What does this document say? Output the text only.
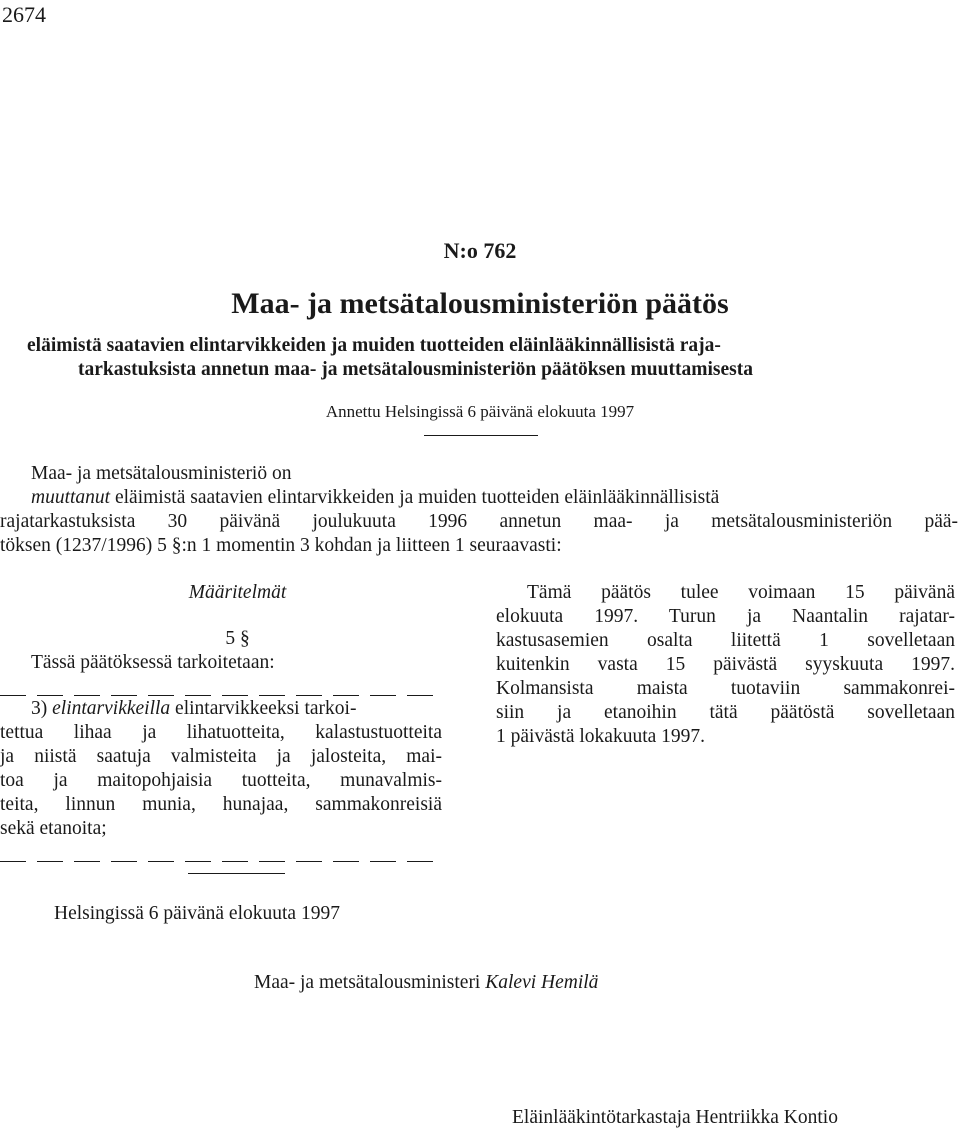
2674
N:o 762
Maa- ja metsätalousministeriön päätös
eläimistä saatavien elintarvikkeiden ja muiden tuotteiden eläinlääkinnällisistä raja-
tarkastuksista annetun maa- ja metsätalousministeriön päätöksen muuttamisesta
Annettu Helsingissä 6 päivänä elokuuta 1997
Maa- ja metsätalousministeriö on
muuttanut eläimistä saatavien elintarvikkeiden ja muiden tuotteiden eläinlääkinnällisistä
rajatarkastuksista 30 päivänä joulukuuta 1996 annetun maa- ja metsätalousministeriön pää-
töksen (1237/1996) 5 §:n 1 momentin 3 kohdan ja liitteen 1 seuraavasti:
Määritelmät
5 §
Tässä päätöksessä tarkoitetaan:
3) elintarvikkeilla elintarvikkeeksi tarkoi-
tettua lihaa ja lihatuotteita, kalastustuotteita
ja niistä saatuja valmisteita ja jalosteita, mai-
toa ja maitopohjaisia tuotteita, munavalmis-
teita, linnun munia, hunajaa, sammakonreisiä
sekä etanoita;
Tämä päätös tulee voimaan 15 päivänä
elokuuta 1997. Turun ja Naantalin rajatar-
kastusasemien osalta liitettä 1 sovelletaan
kuitenkin vasta 15 päivästä syyskuuta 1997.
Kolmansista maista tuotaviin sammakonrei-
siin ja etanoihin tätä päätöstä sovelletaan
1 päivästä lokakuuta 1997.
Helsingissä 6 päivänä elokuuta 1997
Maa- ja metsätalousministeri Kalevi Hemilä
Eläinlääkintötarkastaja Hentriikka Kontio
